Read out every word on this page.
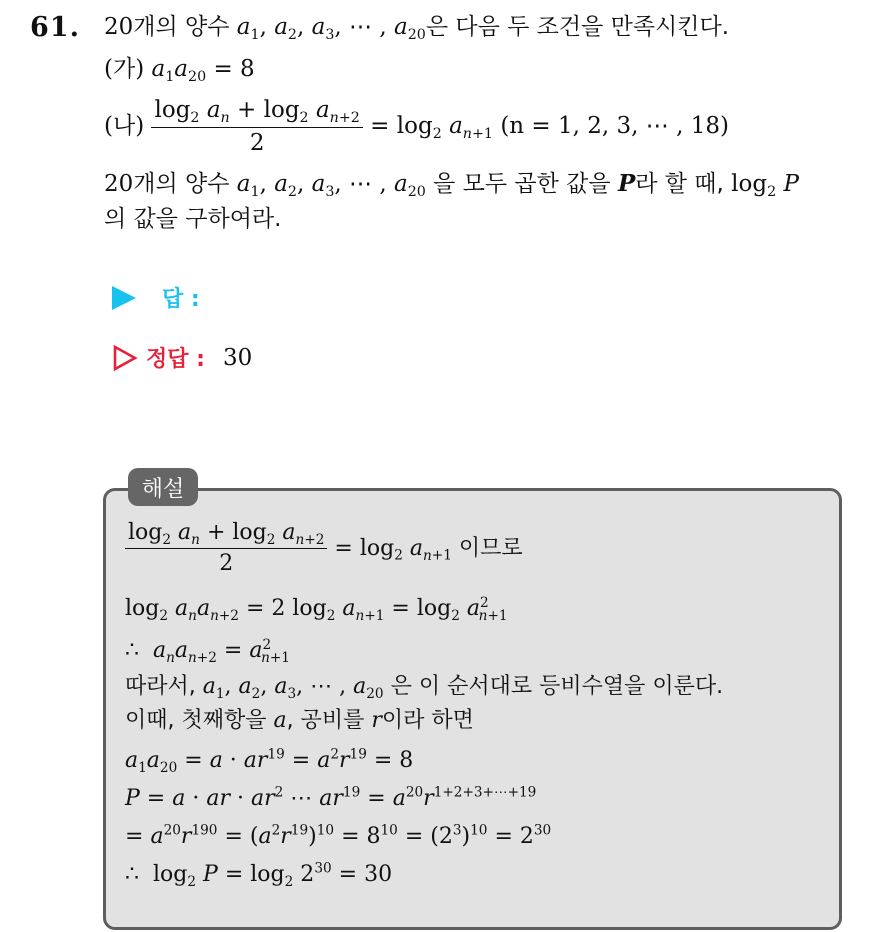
61. 20개의 양수 $a_1$, $a_2$, $a_3$, ⋯ , $a_{20}$은 다음 두 조건을 만족시킨다.
(가) $a_1a_{20} = 8$
(나) $\frac{\log_2 a_n + \log_2 a_{n+2}}{2} = \log_2 a_{n+1}$ (n = 1, 2, 3, ⋯ , 18)
20개의 양수 $a_1$, $a_2$, $a_3$, ⋯ , $a_{20}$ 을 모두 곱한 값을 P라 할 때, $\log_2 P$
의 값을 구하여라.
답 :
정답 : 30
해설
$\frac{\log_2 a_n + \log_2 a_{n+2}}{2} = \log_2 a_{n+1}$ 이므로
$\log_2 a_na_{n+2} = 2$ $\log_2 a_{n+1} = \log_2 a^2_{n+1}$
∴  $a_na_{n+2} = a^2_{n+1}$
따라서, $a_1$, $a_2$, $a_3$, ⋯ , $a_{20}$ 은 이 순서대로 등비수열을 이룬다.
이때, 첫째항을 a, 공비를 r이라 하면
$a_1a_{20} = a \cdot ar^{19} = a^2r^{19} = 8$
P = a · ar · $ar^2$ ⋯ $ar^{19} = a^{20}r^{1+2+3+\cdots+19}$
= $a^{20}r^{190} = (a^2r^{19})^{10} = 8^{10} = (2^3)^{10} = 2^{30}$
∴  $\log_2 P = \log_2 2^{30} = 30$
